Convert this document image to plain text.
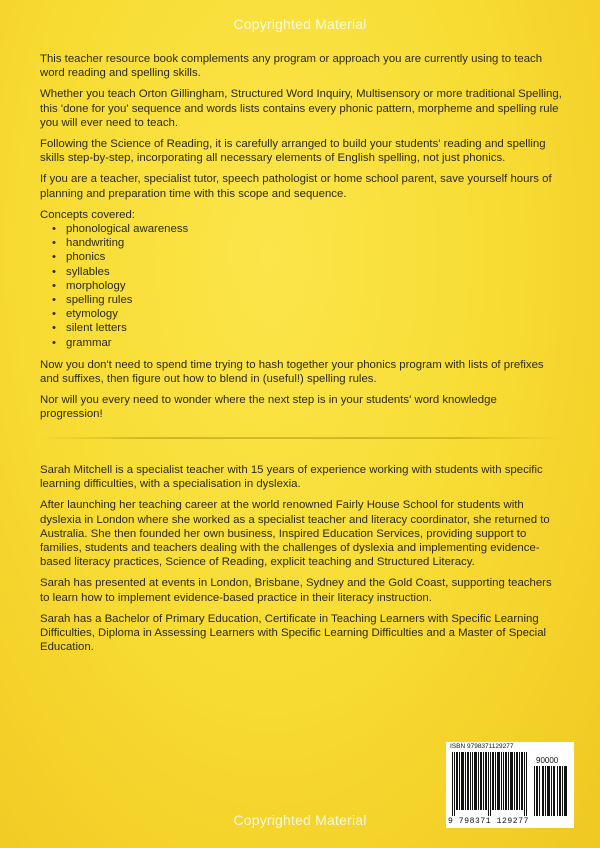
Copyrighted Material

This teacher resource book complements any program or approach you are currently using to teach word reading and spelling skills.

Whether you teach Orton Gillingham, Structured Word Inquiry, Multisensory or more traditional Spelling, this 'done for you' sequence and words lists contains every phonic pattern, morpheme and spelling rule you will ever need to teach.

Following the Science of Reading, it is carefully arranged to build your students' reading and spelling skills step-by-step, incorporating all necessary elements of English spelling, not just phonics.

If you are a teacher, specialist tutor, speech pathologist or home school parent, save yourself hours of planning and preparation time with this scope and sequence.

Concepts covered:

• phonological awareness
• handwriting
• phonics
• syllables
• morphology
• spelling rules
• etymology
• silent letters
• grammar

Now you don't need to spend time trying to hash together your phonics program with lists of prefixes and suffixes, then figure out how to blend in (useful!) spelling rules.

Nor will you every need to wonder where the next step is in your students' word knowledge progression!

Sarah Mitchell is a specialist teacher with 15 years of experience working with students with specific learning difficulties, with a specialisation in dyslexia.

After launching her teaching career at the world renowned Fairly House School for students with dyslexia in London where she worked as a specialist teacher and literacy coordinator, she returned to Australia. She then founded her own business, Inspired Education Services, providing support to families, students and teachers dealing with the challenges of dyslexia and implementing evidence-based literacy practices, Science of Reading, explicit teaching and Structured Literacy.

Sarah has presented at events in London, Brisbane, Sydney and the Gold Coast, supporting teachers to learn how to implement evidence-based practice in their literacy instruction.

Sarah has a Bachelor of Primary Education, Certificate in Teaching Learners with Specific Learning Difficulties, Diploma in Assessing Learners with Specific Learning Difficulties and a Master of Special Education.

ISBN 9798371129277
90000
9 798371 129277
Copyrighted Material
